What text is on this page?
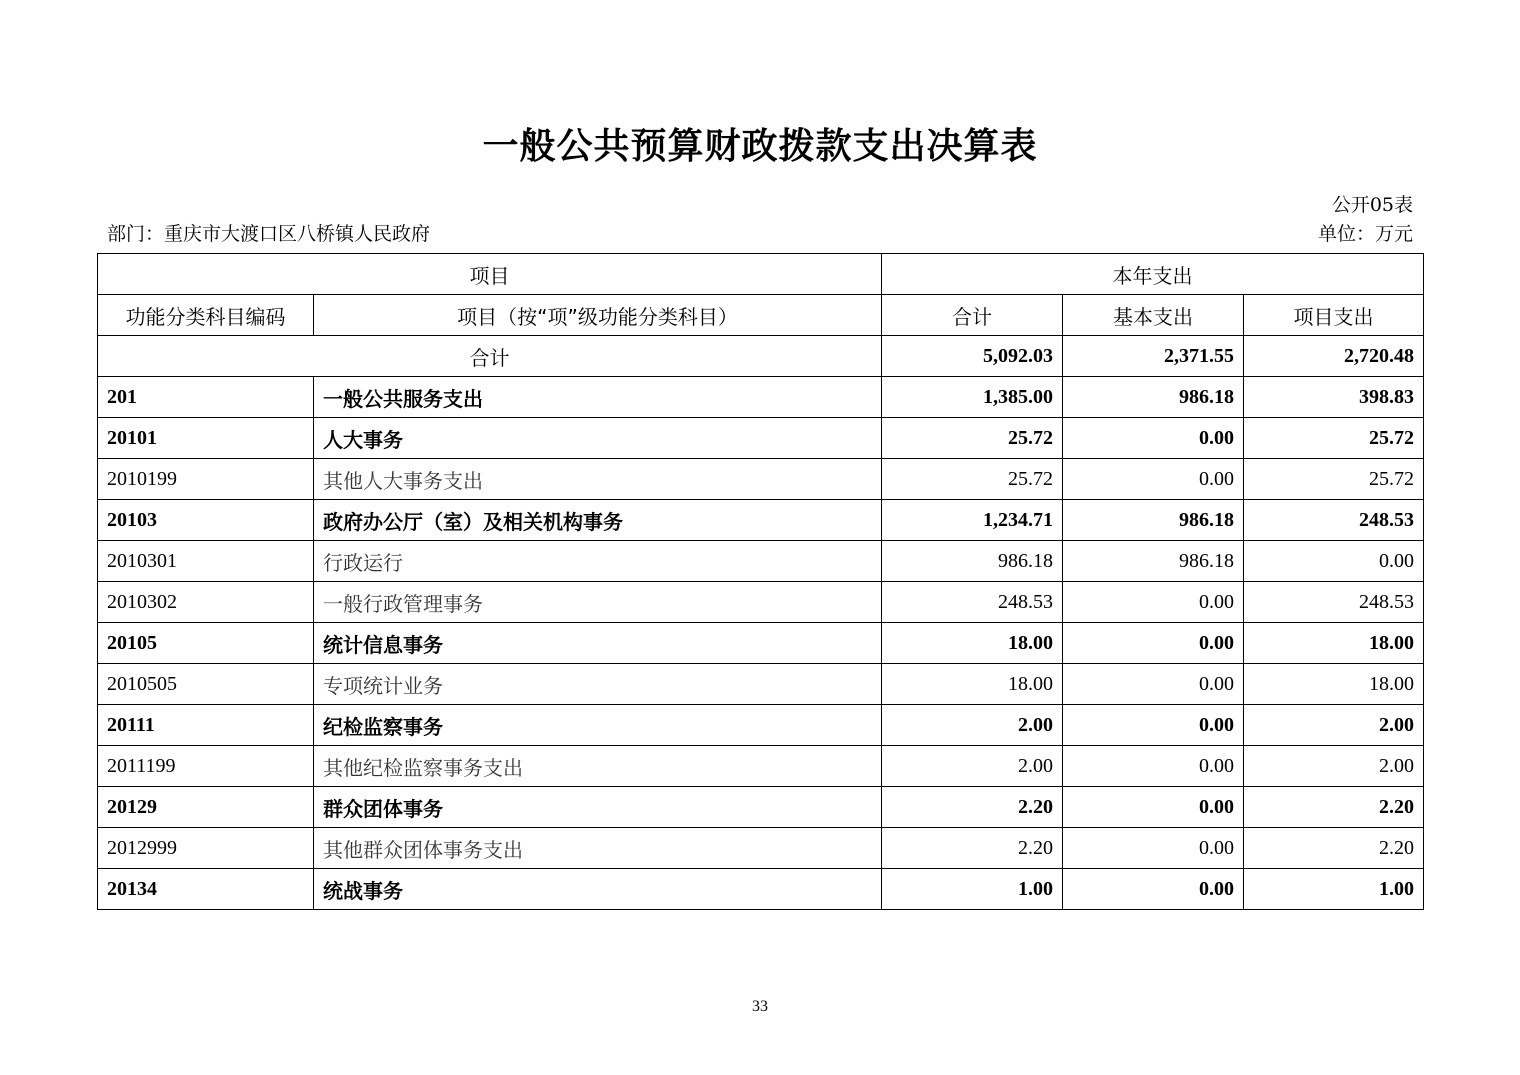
一般公共预算财政拨款支出决算表
公开05表
部门：重庆市大渡口区八桥镇人民政府	单位：万元
项目		本年支出		
功能分类科目编码	项目（按“项”级功能分类科目）	合计	基本支出	项目支出
合计		5,092.03	2,371.55	2,720.48
201	一般公共服务支出	1,385.00	986.18	398.83
20101	人大事务	25.72	0.00	25.72
2010199	其他人大事务支出	25.72	0.00	25.72
20103	政府办公厅（室）及相关机构事务	1,234.71	986.18	248.53
2010301	行政运行	986.18	986.18	0.00
2010302	一般行政管理事务	248.53	0.00	248.53
20105	统计信息事务	18.00	0.00	18.00
2010505	专项统计业务	18.00	0.00	18.00
20111	纪检监察事务	2.00	0.00	2.00
2011199	其他纪检监察事务支出	2.00	0.00	2.00
20129	群众团体事务	2.20	0.00	2.20
2012999	其他群众团体事务支出	2.20	0.00	2.20
20134	统战事务	1.00	0.00	1.00
33
